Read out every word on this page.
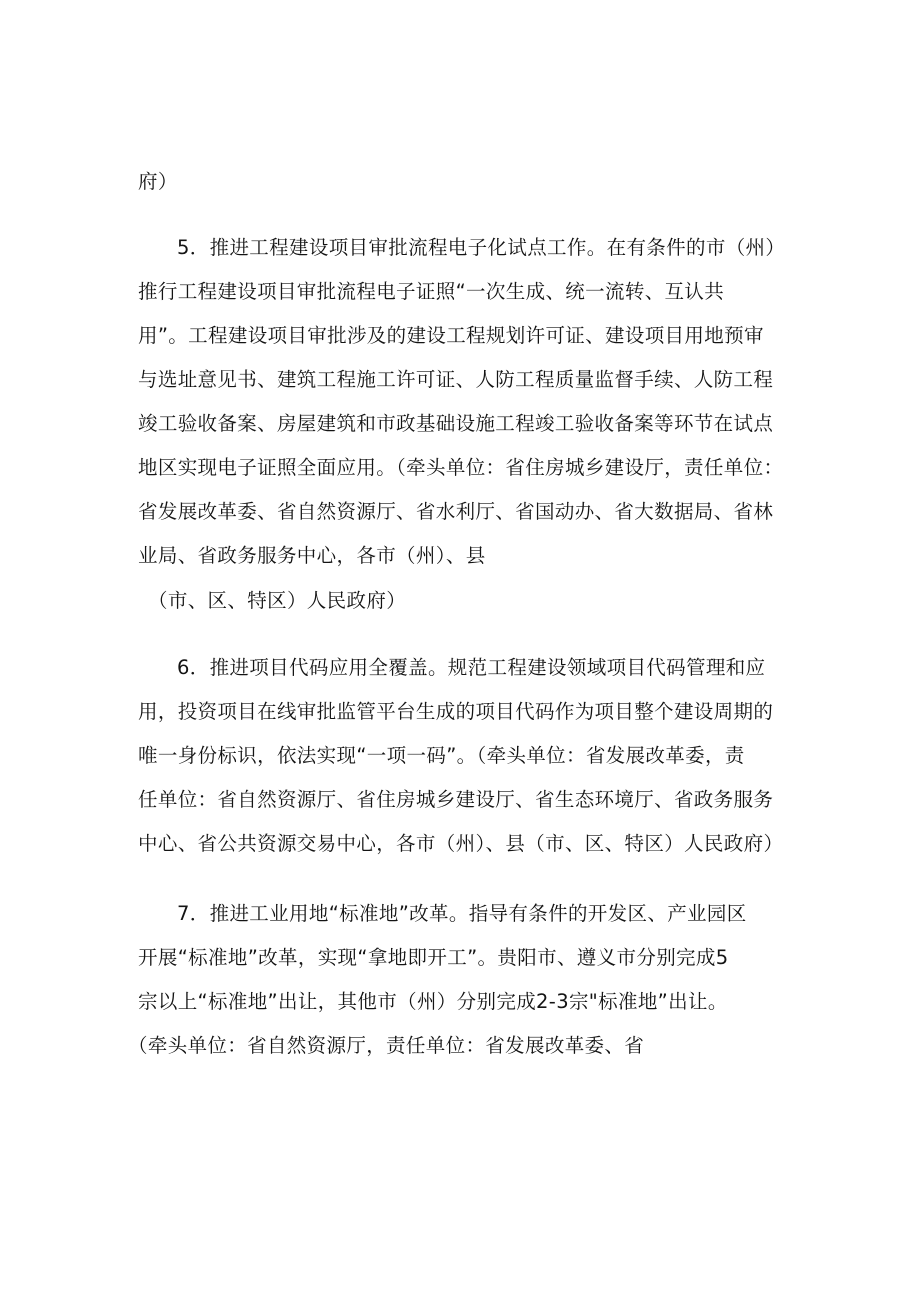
府）
5．推进工程建设项目审批流程电子化试点工作。在有条件的市（州）
推行工程建设项目审批流程电子证照“一次生成、统一流转、互认共
用”。工程建设项目审批涉及的建设工程规划许可证、建设项目用地预审
与选址意见书、建筑工程施工许可证、人防工程质量监督手续、人防工程
竣工验收备案、房屋建筑和市政基础设施工程竣工验收备案等环节在试点
地区实现电子证照全面应用。（牵头单位：省住房城乡建设厅，责任单位：
省发展改革委、省自然资源厅、省水利厅、省国动办、省大数据局、省林
业局、省政务服务中心，各市（州）、县
（市、区、特区）人民政府）
6．推进项目代码应用全覆盖。规范工程建设领域项目代码管理和应
用，投资项目在线审批监管平台生成的项目代码作为项目整个建设周期的
唯一身份标识，依法实现“一项一码”。（牵头单位：省发展改革委，责
任单位：省自然资源厅、省住房城乡建设厅、省生态环境厅、省政务服务
中心、省公共资源交易中心，各市（州）、县（市、区、特区）人民政府）
7．推进工业用地“标准地”改革。指导有条件的开发区、产业园区
开展“标准地”改革，实现“拿地即开工”。贵阳市、遵义市分别完成5
宗以上“标准地”出让，其他市（州）分别完成2-3宗"标准地”出让。
（牵头单位：省自然资源厅，责任单位：省发展改革委、省
